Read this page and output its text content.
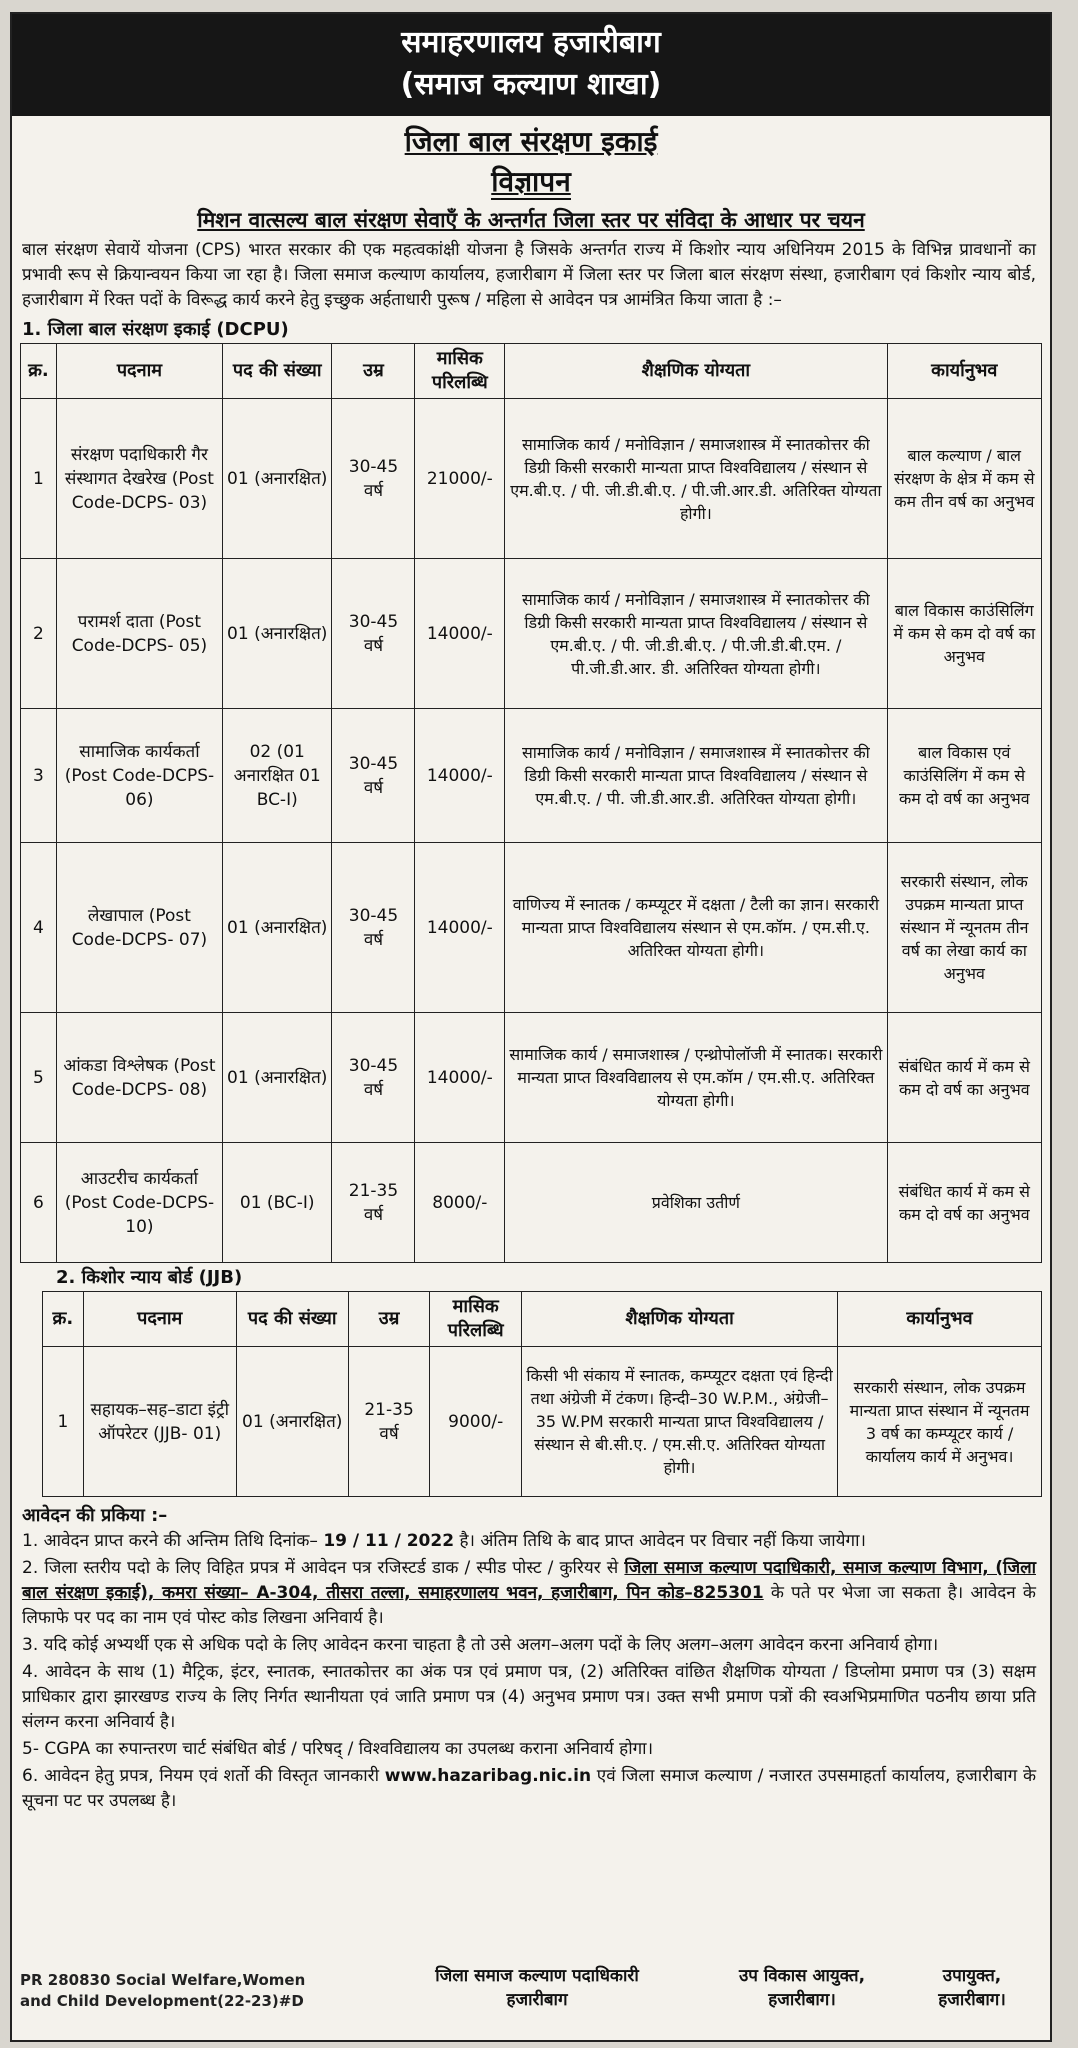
समाहरणालय हजारीबाग
(समाज कल्याण शाखा)
जिला बाल संरक्षण इकाई
विज्ञापन
मिशन वात्सल्य बाल संरक्षण सेवाएँ के अन्तर्गत जिला स्तर पर संविदा के आधार पर चयन
बाल संरक्षण सेवायें योजना (CPS) भारत सरकार की एक महत्वकांक्षी योजना है जिसके अन्तर्गत राज्य में किशोर न्याय अधिनियम 2015 के विभिन्न प्रावधानों का प्रभावी रूप से क्रियान्वयन किया जा रहा है। जिला समाज कल्याण कार्यालय, हजारीबाग में जिला स्तर पर जिला बाल संरक्षण संस्था, हजारीबाग एवं किशोर न्याय बोर्ड, हजारीबाग में रिक्त पदों के विरूद्ध कार्य करने हेतु इच्छुक अर्हताधारी पुरूष / महिला से आवेदन पत्र आमंत्रित किया जाता है :–
1. जिला बाल संरक्षण इकाई (DCPU)
क्र.	पदनाम	पद की संख्या	उम्र	मासिक परिलब्धि	शैक्षणिक योग्यता	कार्यानुभव
1	संरक्षण पदाधिकारी गैर संस्थागत देखरेख (Post Code-DCPS- 03)	01 (अनारक्षित)	30-45 वर्ष	21000/-	सामाजिक कार्य / मनोविज्ञान / समाजशास्त्र में स्नातकोत्तर की डिग्री किसी सरकारी मान्यता प्राप्त विश्वविद्यालय / संस्थान से एम.बी.ए. / पी. जी.डी.बी.ए. / पी.जी.आर.डी. अतिरिक्त योग्यता होगी।	बाल कल्याण / बाल संरक्षण के क्षेत्र में कम से कम तीन वर्ष का अनुभव
2	परामर्श दाता (Post Code-DCPS- 05)	01 (अनारक्षित)	30-45 वर्ष	14000/-	सामाजिक कार्य / मनोविज्ञान / समाजशास्त्र में स्नातकोत्तर की डिग्री किसी सरकारी मान्यता प्राप्त विश्वविद्यालय / संस्थान से एम.बी.ए. / पी. जी.डी.बी.ए. / पी.जी.डी.बी.एम. / पी.जी.डी.आर. डी. अतिरिक्त योग्यता होगी।	बाल विकास काउंसिलिंग में कम से कम दो वर्ष का अनुभव
3	सामाजिक कार्यकर्ता (Post Code-DCPS- 06)	02 (01 अनारक्षित 01 BC-I)	30-45 वर्ष	14000/-	सामाजिक कार्य / मनोविज्ञान / समाजशास्त्र में स्नातकोत्तर की डिग्री किसी सरकारी मान्यता प्राप्त विश्वविद्यालय / संस्थान से एम.बी.ए. / पी. जी.डी.आर.डी. अतिरिक्त योग्यता होगी।	बाल विकास एवं काउंसिलिंग में कम से कम दो वर्ष का अनुभव
4	लेखापाल (Post Code-DCPS- 07)	01 (अनारक्षित)	30-45 वर्ष	14000/-	वाणिज्य में स्नातक / कम्प्यूटर में दक्षता / टैली का ज्ञान। सरकारी मान्यता प्राप्त विश्वविद्यालय संस्थान से एम.कॉम. / एम.सी.ए. अतिरिक्त योग्यता होगी।	सरकारी संस्थान, लोक उपक्रम मान्यता प्राप्त संस्थान में न्यूनतम तीन वर्ष का लेखा कार्य का अनुभव
5	आंकडा विश्लेषक (Post Code-DCPS- 08)	01 (अनारक्षित)	30-45 वर्ष	14000/-	सामाजिक कार्य / समाजशास्त्र / एन्थ्रोपोलॉजी में स्नातक। सरकारी मान्यता प्राप्त विश्वविद्यालय से एम.कॉम / एम.सी.ए. अतिरिक्त योग्यता होगी।	संबंधित कार्य में कम से कम दो वर्ष का अनुभव
6	आउटरीच कार्यकर्ता (Post Code-DCPS- 10)	01 (BC-I)	21-35 वर्ष	8000/-	प्रवेशिका उतीर्ण	संबंधित कार्य में कम से कम दो वर्ष का अनुभव
2. किशोर न्याय बोर्ड (JJB)
क्र.	पदनाम	पद की संख्या	उम्र	मासिक परिलब्धि	शैक्षणिक योग्यता	कार्यानुभव
1	सहायक–सह–डाटा इंट्री ऑपरेटर (JJB- 01)	01 (अनारक्षित)	21-35 वर्ष	9000/-	किसी भी संकाय में स्नातक, कम्प्यूटर दक्षता एवं हिन्दी तथा अंग्रेजी में टंकण। हिन्दी–30 W.P.M., अंग्रेजी–35 W.PM सरकारी मान्यता प्राप्त विश्वविद्यालय / संस्थान से बी.सी.ए. / एम.सी.ए. अतिरिक्त योग्यता होगी।	सरकारी संस्थान, लोक उपक्रम मान्यता प्राप्त संस्थान में न्यूनतम 3 वर्ष का कम्प्यूटर कार्य / कार्यालय कार्य में अनुभव।
आवेदन की प्रकिया :–
1. आवेदन प्राप्त करने की अन्तिम तिथि दिनांक– 19 / 11 / 2022 है। अंतिम तिथि के बाद प्राप्त आवेदन पर विचार नहीं किया जायेगा।
2. जिला स्तरीय पदो के लिए विहित प्रपत्र में आवेदन पत्र रजिस्टर्ड डाक / स्पीड पोस्ट / कुरियर से जिला समाज कल्याण पदाधिकारी, समाज कल्याण विभाग, (जिला बाल संरक्षण इकाई), कमरा संख्या– A-304, तीसरा तल्ला, समाहरणालय भवन, हजारीबाग, पिन कोड–825301 के पते पर भेजा जा सकता है। आवेदन के लिफाफे पर पद का नाम एवं पोस्ट कोड लिखना अनिवार्य है।
3. यदि कोई अभ्यर्थी एक से अधिक पदो के लिए आवेदन करना चाहता है तो उसे अलग–अलग पदों के लिए अलग–अलग आवेदन करना अनिवार्य होगा।
4. आवेदन के साथ (1) मैट्रिक, इंटर, स्नातक, स्नातकोत्तर का अंक पत्र एवं प्रमाण पत्र, (2) अतिरिक्त वांछित शैक्षणिक योग्यता / डिप्लोमा प्रमाण पत्र (3) सक्षम प्राधिकार द्वारा झारखण्ड राज्य के लिए निर्गत स्थानीयता एवं जाति प्रमाण पत्र (4) अनुभव प्रमाण पत्र। उक्त सभी प्रमाण पत्रों की स्वअभिप्रमाणित पठनीय छाया प्रति संलग्न करना अनिवार्य है।
5- CGPA का रुपान्तरण चार्ट संबंधित बोर्ड / परिषद् / विश्वविद्यालय का उपलब्ध कराना अनिवार्य होगा।
6. आवेदन हेतु प्रपत्र, नियम एवं शर्तो की विस्तृत जानकारी www.hazaribag.nic.in एवं जिला समाज कल्याण / नजारत उपसमाहर्ता कार्यालय, हजारीबाग के सूचना पट पर उपलब्ध है।
PR 280830 Social Welfare,Women
and Child Development(22-23)#D
जिला समाज कल्याण पदाधिकारी
हजारीबाग
उप विकास आयुक्त,
हजारीबाग।
उपायुक्त,
हजारीबाग।
